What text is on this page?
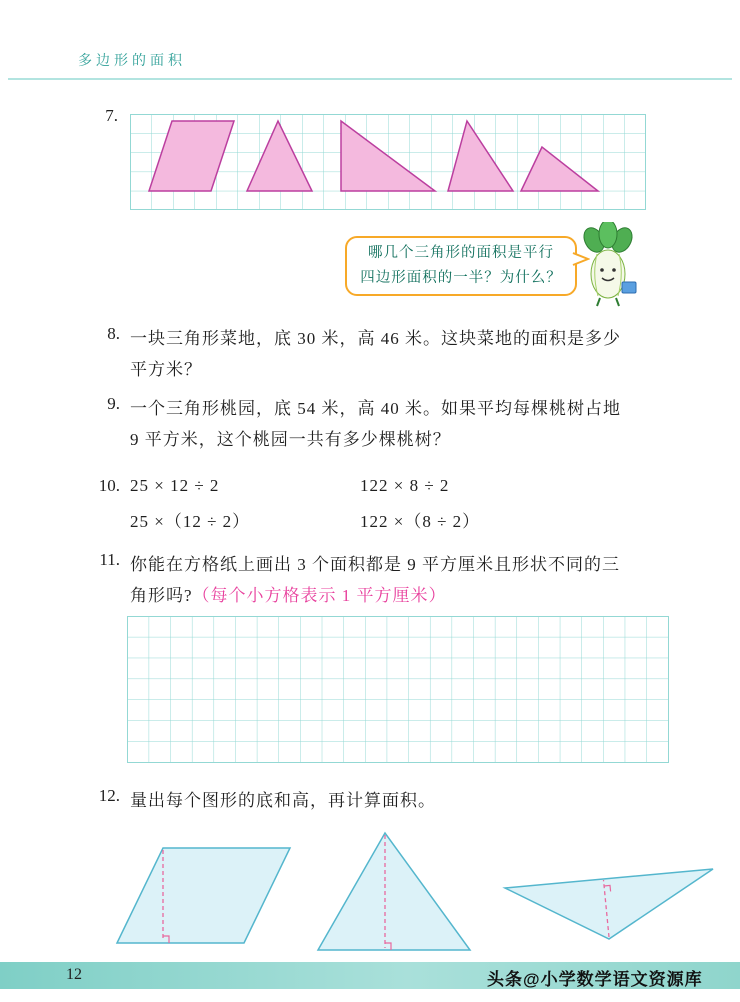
多边形的面积
7.
哪几个三角形的面积是平行
四边形面积的一半？为什么？
8. 一块三角形菜地，底 30 米，高 46 米。这块菜地的面积是多少
平方米？
9. 一个三角形桃园，底 54 米，高 40 米。如果平均每棵桃树占地
9 平方米，这个桃园一共有多少棵桃树？
10. 25 × 12 ÷ 2	122 × 8 ÷ 2
25 ×（12 ÷ 2）	122 ×（8 ÷ 2）
11. 你能在方格纸上画出 3 个面积都是 9 平方厘米且形状不同的三
角形吗?（每个小方格表示 1 平方厘米）
12. 量出每个图形的底和高，再计算面积。
12	头条@小学数学语文资源库
